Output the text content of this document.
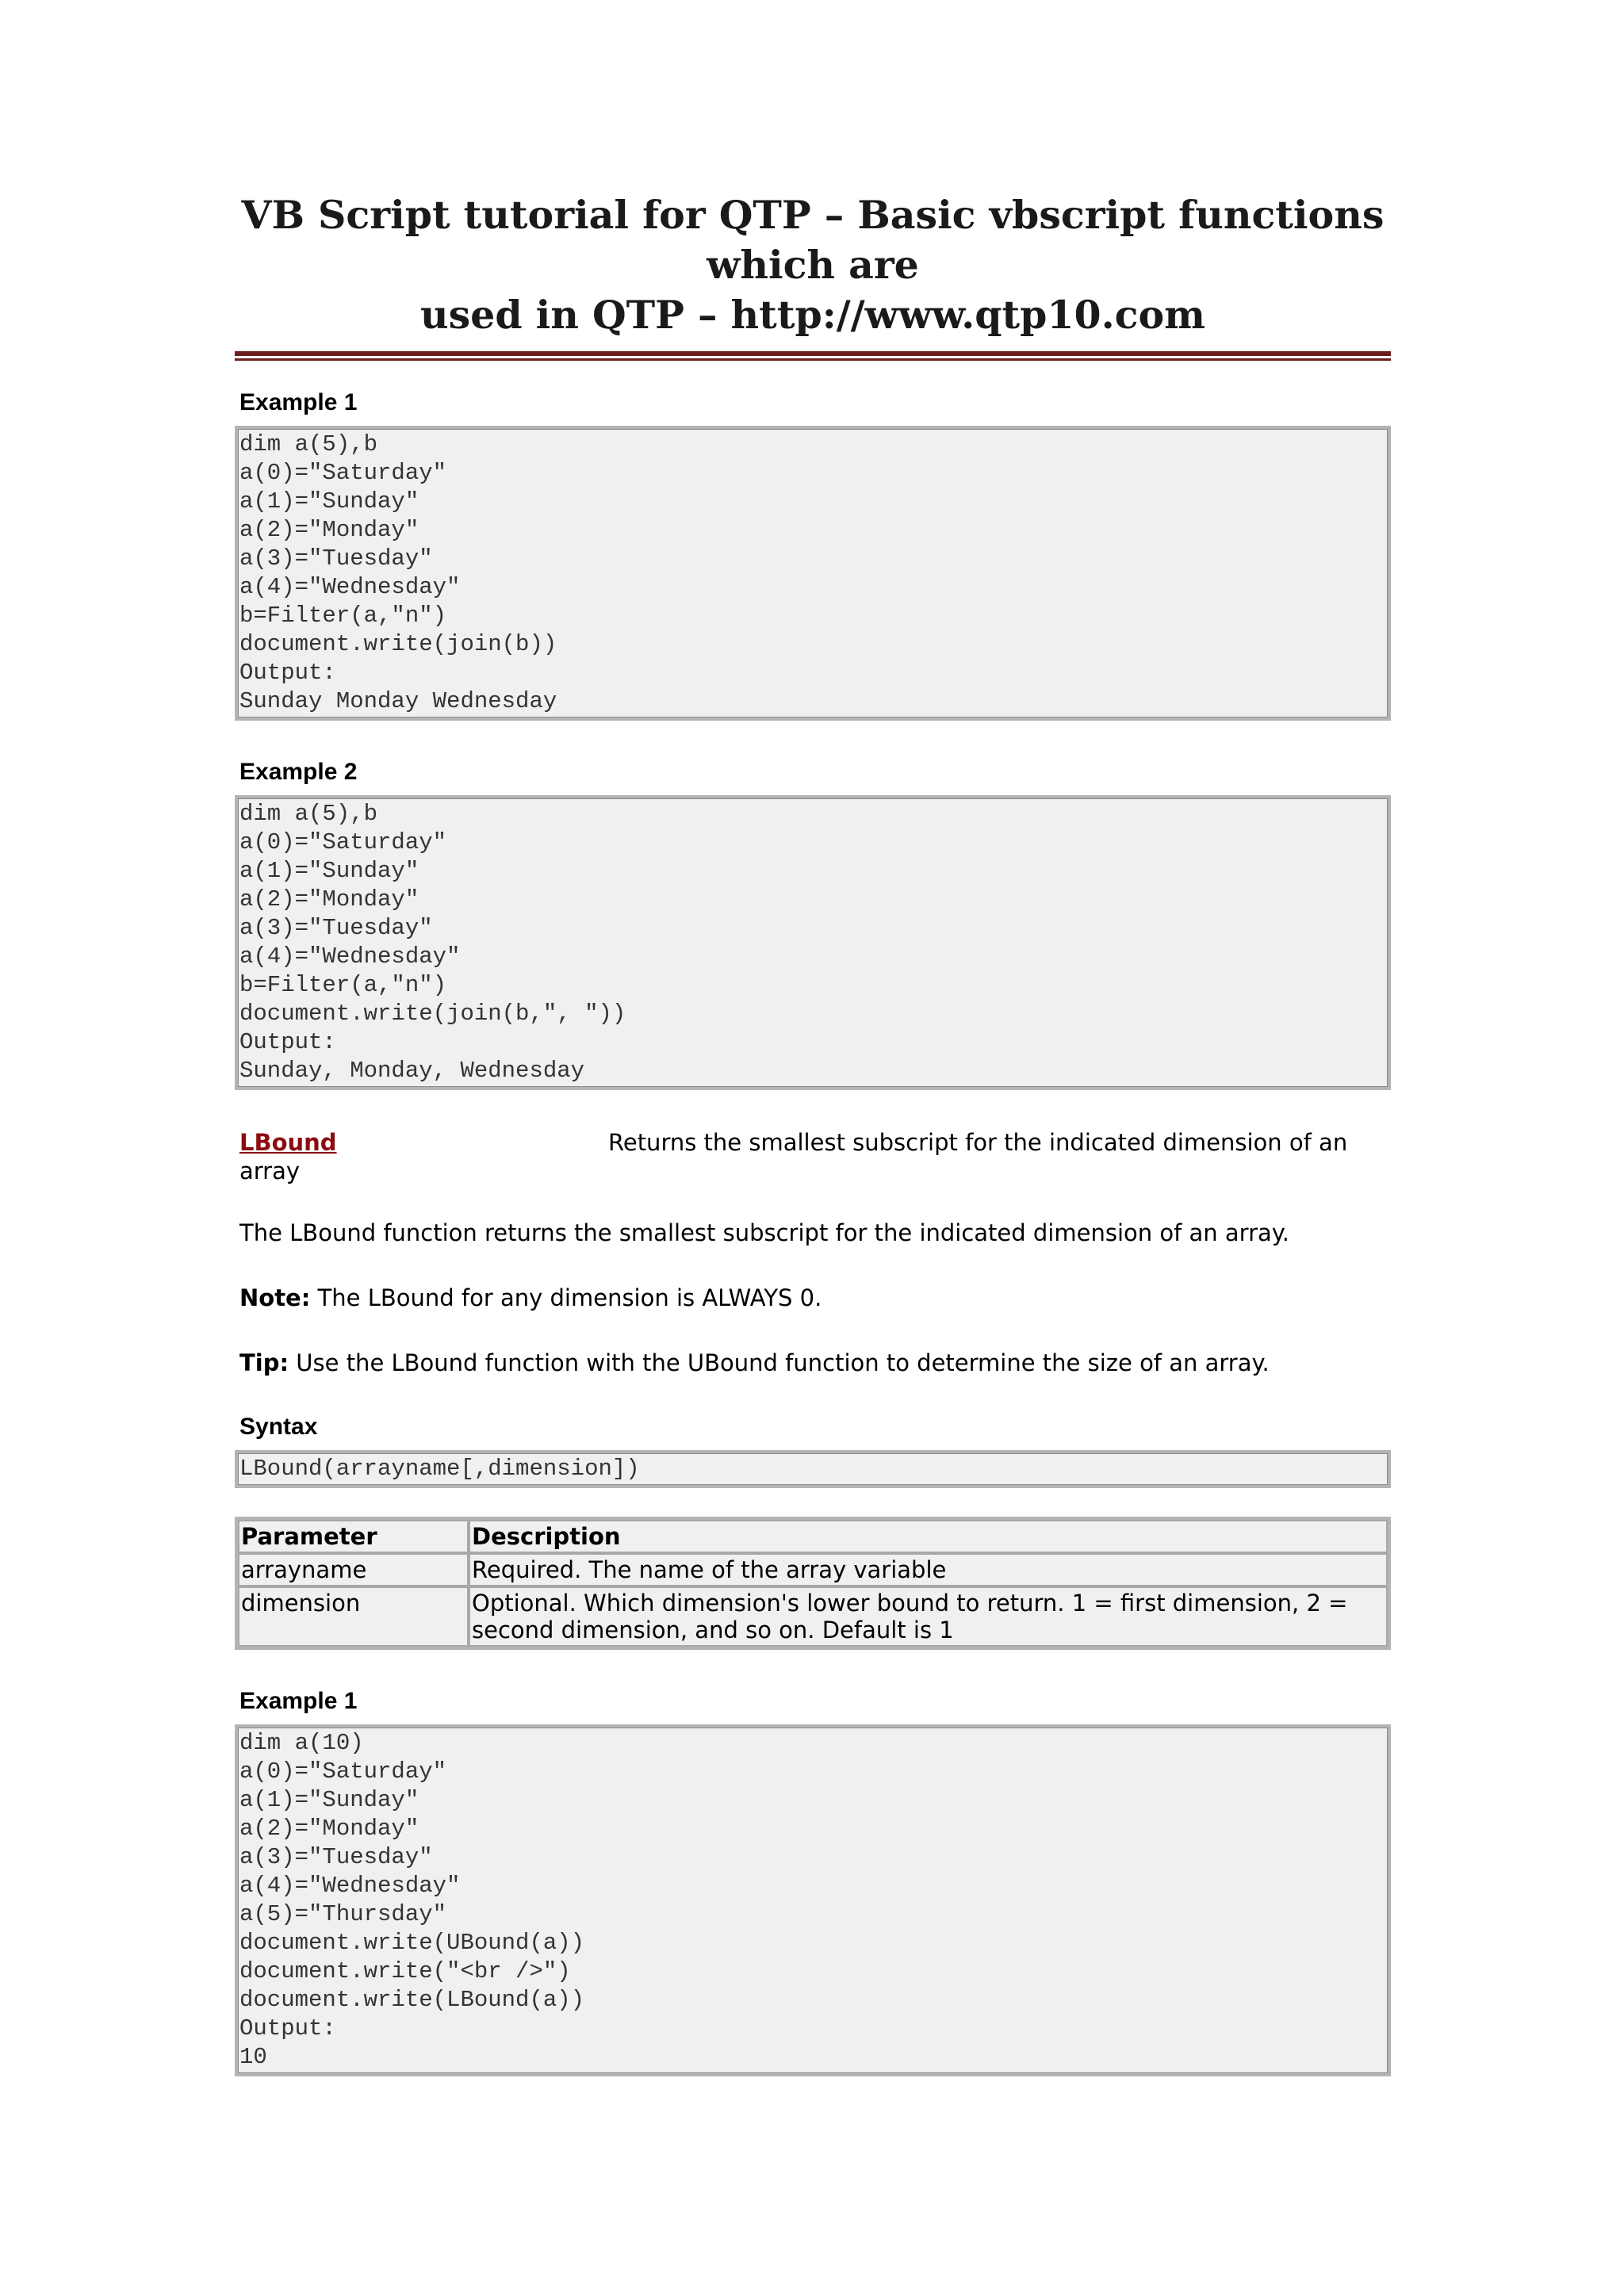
VB Script tutorial for QTP – Basic vbscript functions which are
used in QTP – http://www.qtp10.com
Example 1
dim a(5),b
a(0)="Saturday"
a(1)="Sunday"
a(2)="Monday"
a(3)="Tuesday"
a(4)="Wednesday"
b=Filter(a,"n")
document.write(join(b))
Output:
Sunday Monday Wednesday
Example 2
dim a(5),b
a(0)="Saturday"
a(1)="Sunday"
a(2)="Monday"
a(3)="Tuesday"
a(4)="Wednesday"
b=Filter(a,"n")
document.write(join(b,", "))
Output:
Sunday, Monday, Wednesday
LBound	Returns the smallest subscript for the indicated dimension of an
array

The LBound function returns the smallest subscript for the indicated dimension of an array.

Note: The LBound for any dimension is ALWAYS 0.

Tip: Use the LBound function with the UBound function to determine the size of an array.

Syntax
LBound(arrayname[,dimension])
Parameter	Description
arrayname	Required. The name of the array variable
dimension	Optional. Which dimension's lower bound to return. 1 = first dimension, 2 = second dimension, and so on. Default is 1
Example 1
dim a(10)
a(0)="Saturday"
a(1)="Sunday"
a(2)="Monday"
a(3)="Tuesday"
a(4)="Wednesday"
a(5)="Thursday"
document.write(UBound(a))
document.write("<br />")
document.write(LBound(a))
Output:
10
